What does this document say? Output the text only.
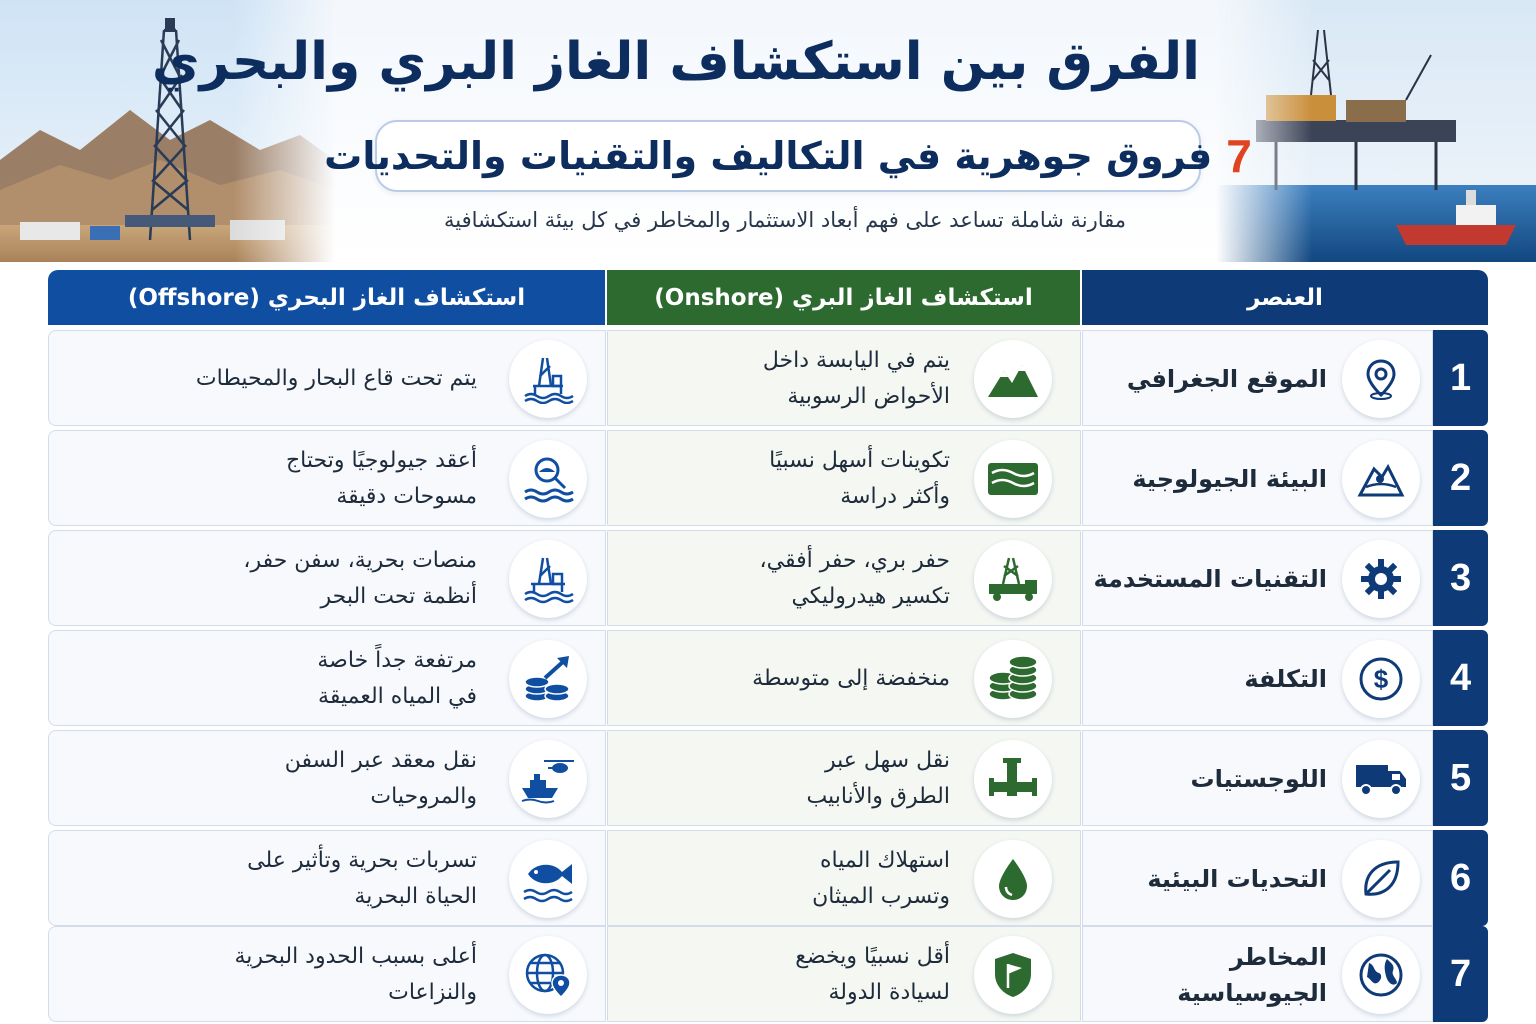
الفرق بين استكشاف الغاز البري والبحري
7
فروق جوهرية في التكاليف والتقنيات والتحديات
مقارنة شاملة تساعد على فهم أبعاد الاستثمار والمخاطر في كل بيئة استكشافية
العنصر
استكشاف الغاز البري (Onshore)
استكشاف الغاز البحري (Offshore)
1
الموقع الجغرافي
يتم في اليابسة داخل
الأحواض الرسوبية
يتم تحت قاع البحار والمحيطات
2
البيئة الجيولوجية
تكوينات أسهل نسبيًا
وأكثر دراسة
أعقد جيولوجيًا وتحتاج
مسوحات دقيقة
3
التقنيات المستخدمة
حفر بري، حفر أفقي،
تكسير هيدروليكي
منصات بحرية، سفن حفر،
أنظمة تحت البحر
4
$
التكلفة
منخفضة إلى متوسطة
مرتفعة جداً خاصة
في المياه العميقة
5
اللوجستيات
نقل سهل عبر
الطرق والأنابيب
نقل معقد عبر السفن
والمروحيات
6
التحديات البيئية
استهلاك المياه
وتسرب الميثان
تسربات بحرية وتأثير على
الحياة البحرية
7
المخاطر الجيوسياسية
أقل نسبيًا ويخضع
لسيادة الدولة
أعلى بسبب الحدود البحرية
والنزاعات
